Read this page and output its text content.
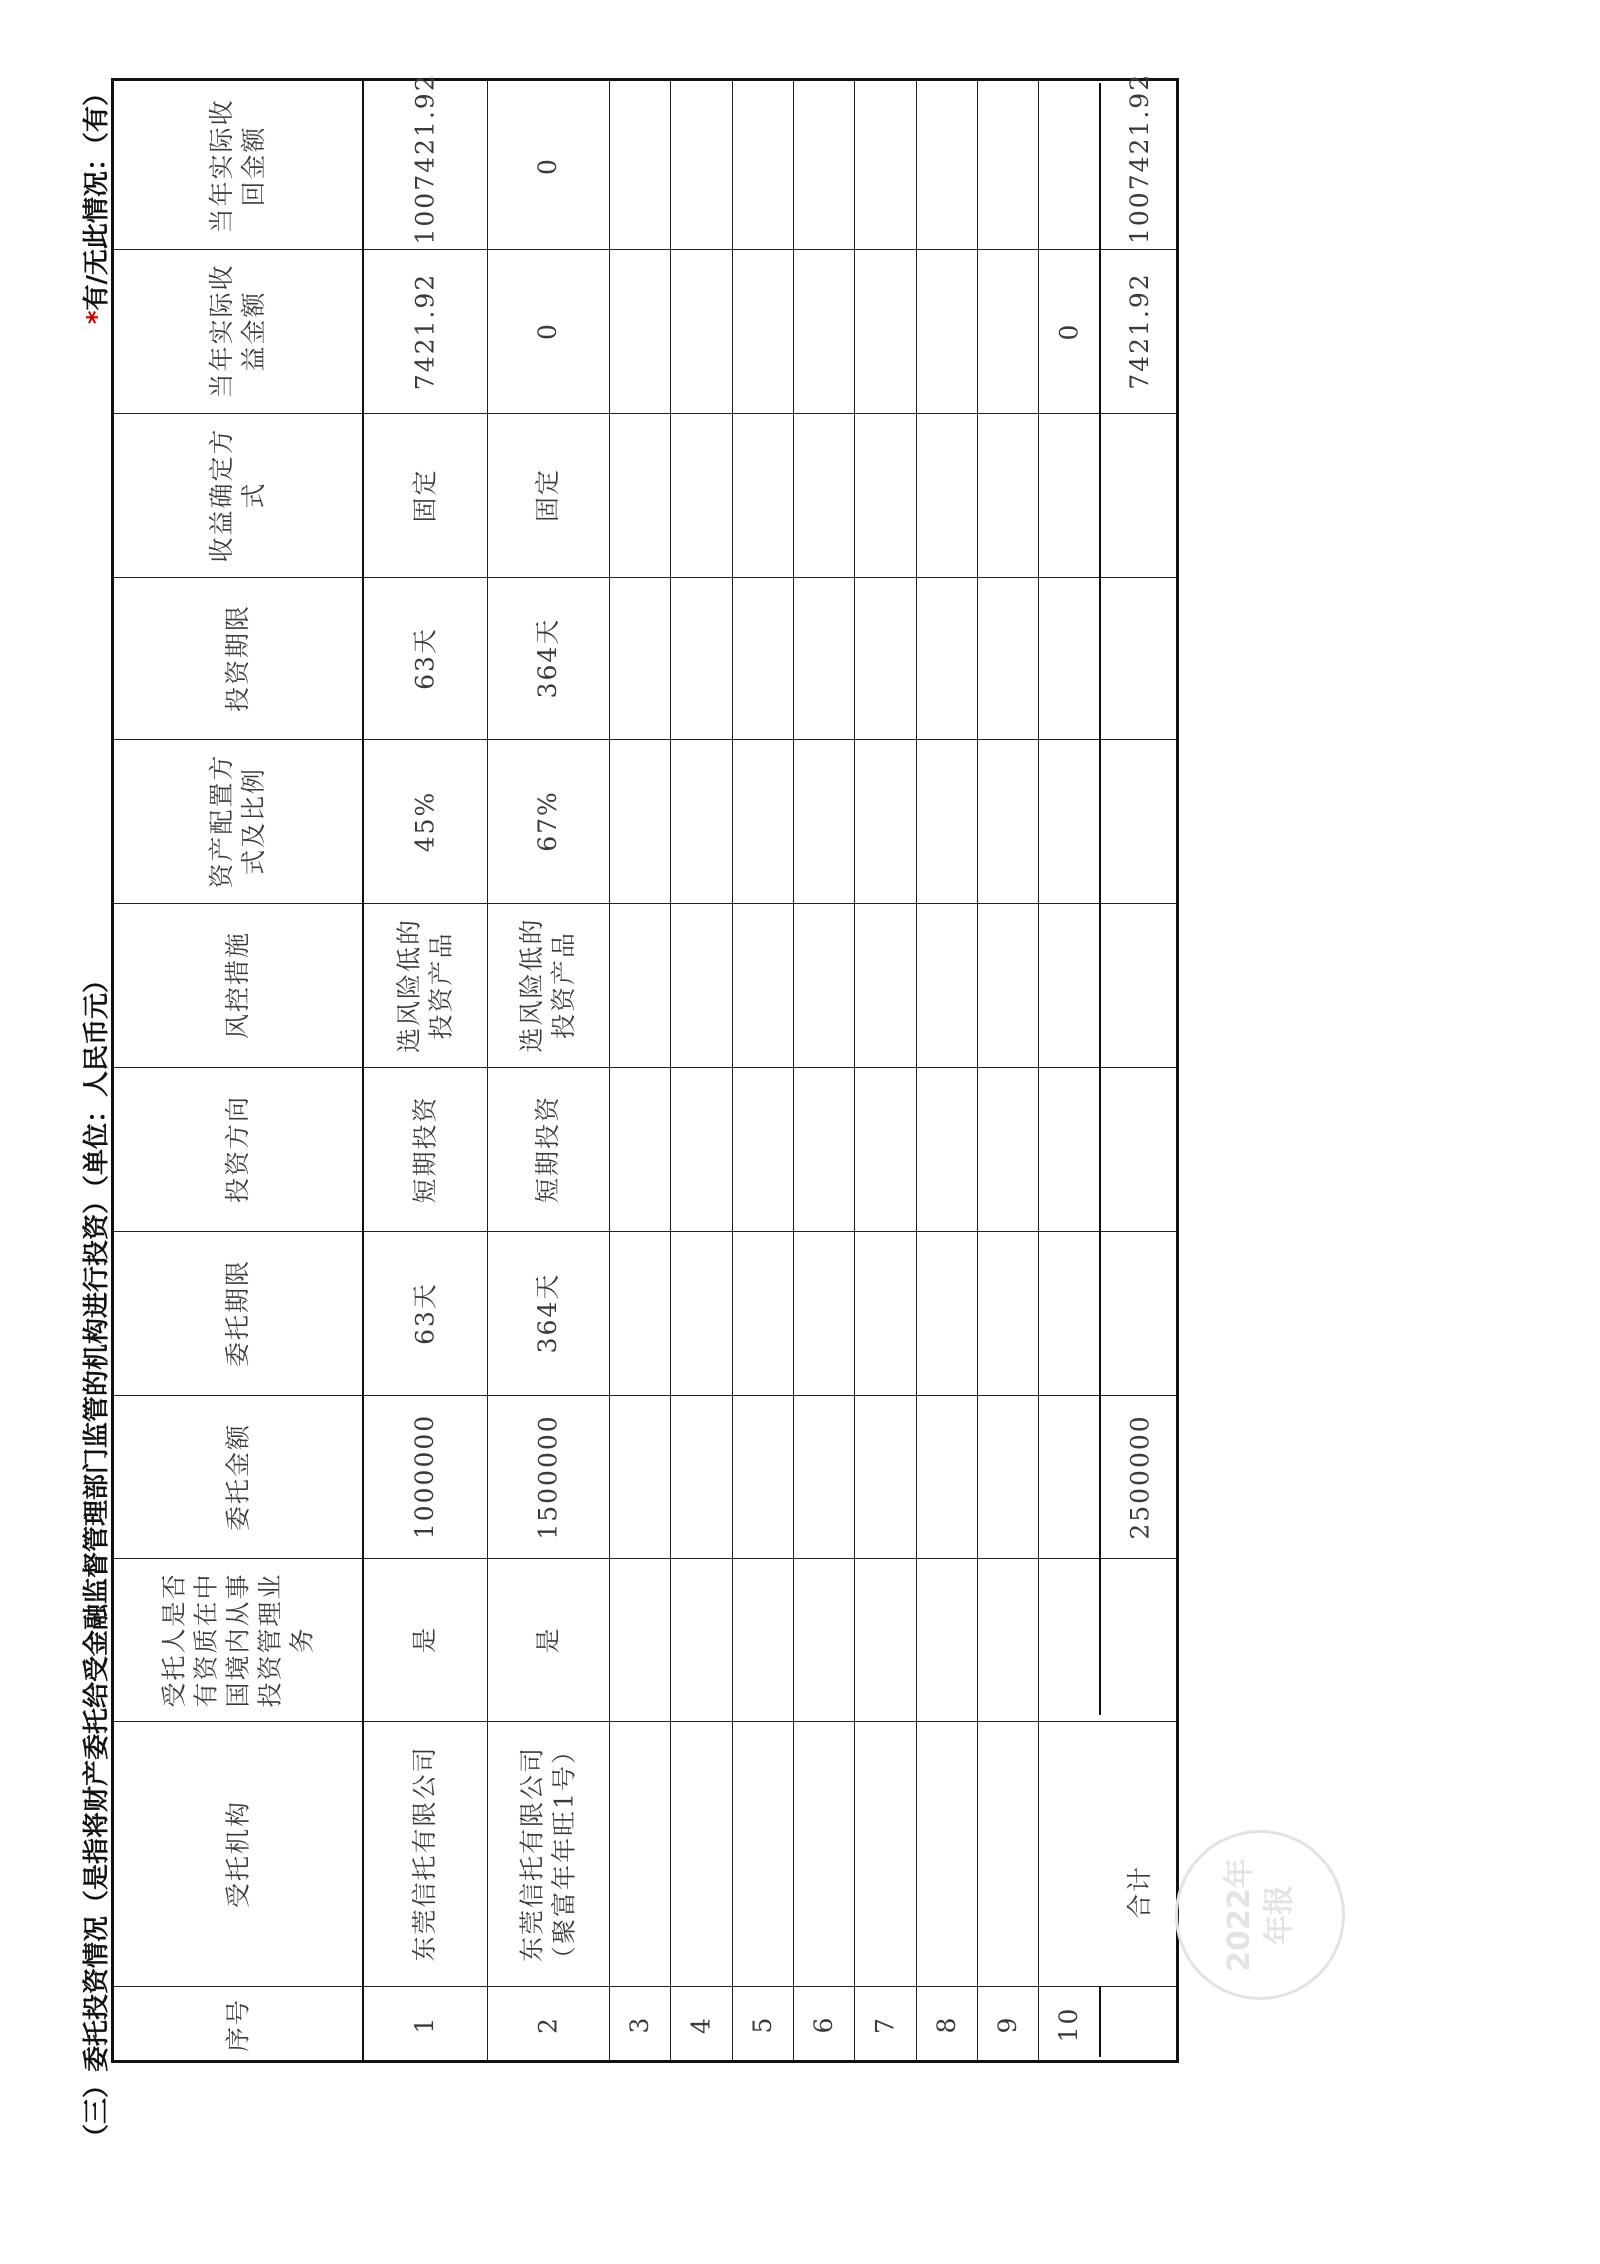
（三）委托投资情况（是指将财产委托给受金融监督管理部门监管的机构进行投资）（单位：人民币元）
*有/无此情况：（有）	当年实际收回金额
当年实际收益金额
收益确定方式
投资期限
资产配置方式及比例
风控措施
投资方向
委托期限
委托金额
受托人是否有资质在中国境内从事投资管理业务
受托机构
序号
1007421.92
7421.92
固定
63天
45%
选风险低的投资产品
短期投资
63天
1000000
是
东莞信托有限公司
1
0
0
固定
364天
67%
选风险低的投资产品
短期投资
364天
1500000
是
东莞信托有限公司（聚富年年旺1号）
2	3 4 5 6 7 8 9
0
10
合计
2500000
7421.92
1007421.92
2022年 年报
